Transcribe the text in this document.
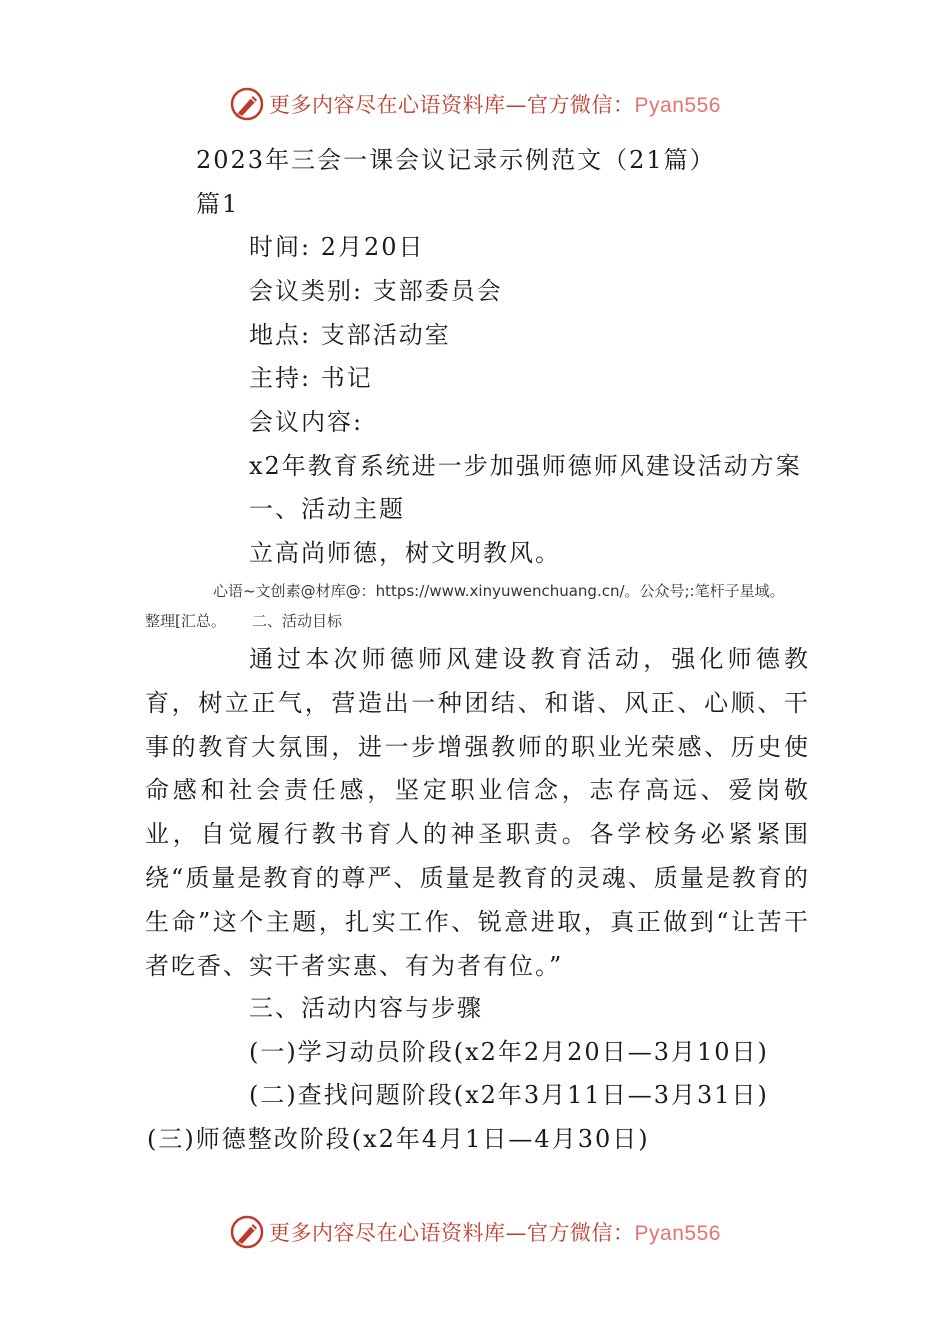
更多内容尽在心语资料库—官方微信：Pyan556
2023年三会一课会议记录示例范文（21篇）
篇1
时间: 2月20日
会议类别: 支部委员会
地点: 支部活动室
主持: 书记
会议内容:
x2年教育系统进一步加强师德师风建设活动方案
一、活动主题
立高尚师德，树文明教风。
心语~文创素@材库@：https://www.xinyuwenchuang.cn/。公众号;:笔杆子星域。
整理[汇总。 二、活动目标

通过本次师德师风建设教育活动，强化师德教育，树立正气，营造出一种团结、和谐、风正、心顺、干事的教育大氛围，进一步增强教师的职业光荣感、历史使命感和社会责任感，坚定职业信念，志存高远、爱岗敬业，自觉履行教书育人的神圣职责。各学校务必紧紧围绕“质量是教育的尊严、质量是教育的灵魂、质量是教育的生命”这个主题，扎实工作、锐意进取，真正做到“让苦干者吃香、实干者实惠、有为者有位。”

三、活动内容与步骤
(一)学习动员阶段(x2年2月20日—3月10日)
(二)查找问题阶段(x2年3月11日—3月31日)
(三)师德整改阶段(x2年4月1日—4月30日)
更多内容尽在心语资料库—官方微信：Pyan556
